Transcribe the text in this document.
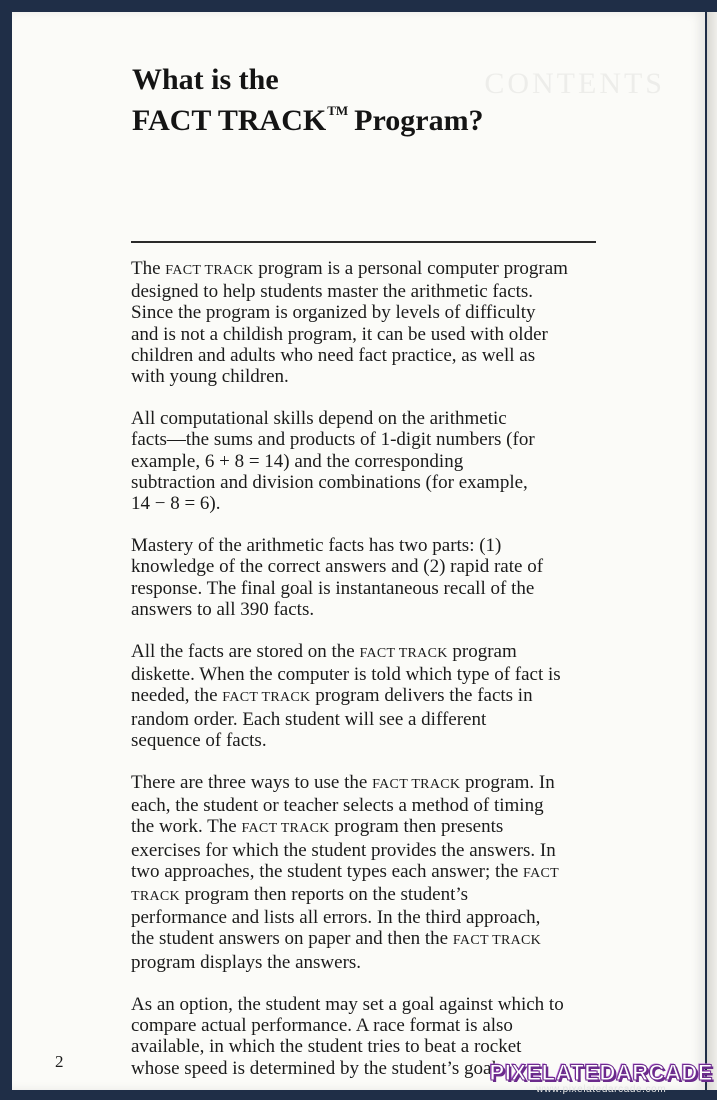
CONTENTS
What is the
FACT TRACK™ Program?

The FACT TRACK program is a personal computer program
designed to help students master the arithmetic facts.
Since the program is organized by levels of difficulty
and is not a childish program, it can be used with older
children and adults who need fact practice, as well as
with young children.

All computational skills depend on the arithmetic
facts—the sums and products of 1-digit numbers (for
example, 6 + 8 = 14) and the corresponding
subtraction and division combinations (for example,
14 − 8 = 6).

Mastery of the arithmetic facts has two parts: (1)
knowledge of the correct answers and (2) rapid rate of
response. The final goal is instantaneous recall of the
answers to all 390 facts.

All the facts are stored on the FACT TRACK program
diskette. When the computer is told which type of fact is
needed, the FACT TRACK program delivers the facts in
random order. Each student will see a different
sequence of facts.

There are three ways to use the FACT TRACK program. In
each, the student or teacher selects a method of timing
the work. The FACT TRACK program then presents
exercises for which the student provides the answers. In
two approaches, the student types each answer; the FACT
TRACK program then reports on the student’s
performance and lists all errors. In the third approach,
the student answers on paper and then the FACT TRACK
program displays the answers.

As an option, the student may set a goal against which to
compare actual performance. A race format is also
available, in which the student tries to beat a rocket
whose speed is determined by the student’s goal.

2	PIXELATEDARCADE
www.pixelatedarcade.com
